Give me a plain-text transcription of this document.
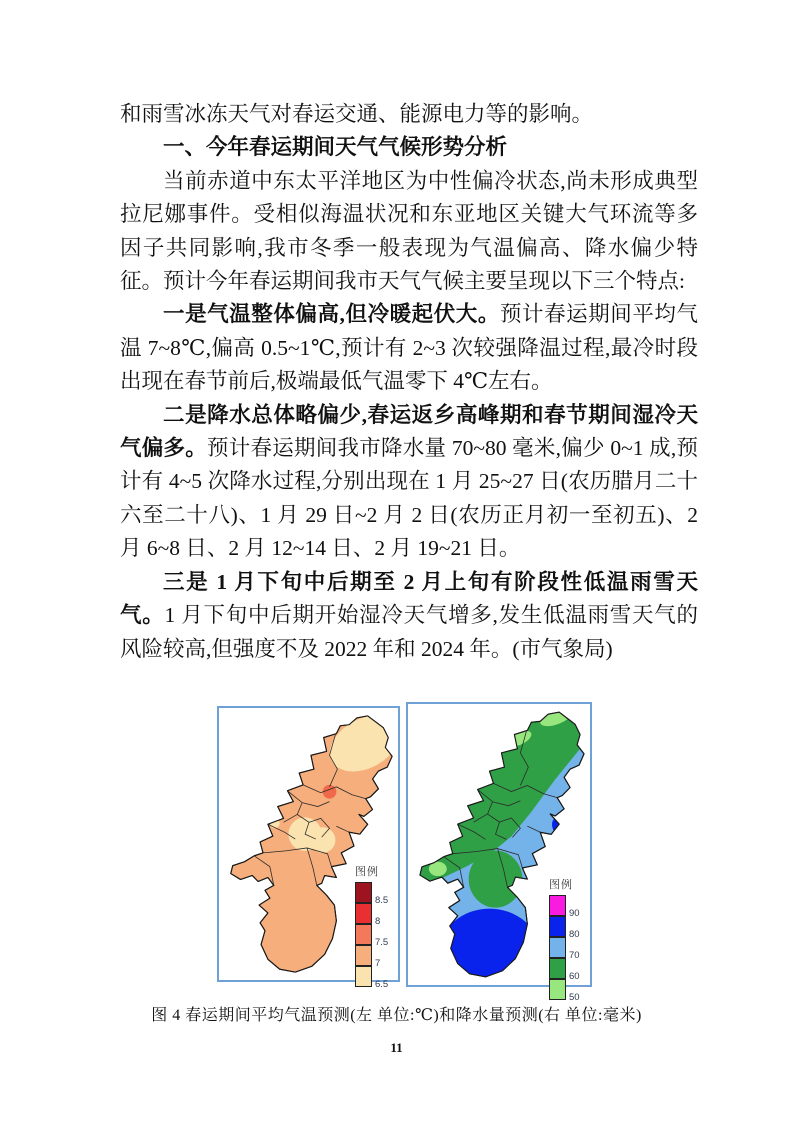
和雨雪冰冻天气对春运交通、能源电力等的影响。

一、今年春运期间天气气候形势分析

当前赤道中东太平洋地区为中性偏冷状态,尚未形成典型拉尼娜事件。受相似海温状况和东亚地区关键大气环流等多因子共同影响,我市冬季一般表现为气温偏高、降水偏少特征。预计今年春运期间我市天气气候主要呈现以下三个特点:

一是气温整体偏高,但冷暖起伏大。预计春运期间平均气温 7~8℃,偏高 0.5~1℃,预计有 2~3 次较强降温过程,最冷时段出现在春节前后,极端最低气温零下 4℃左右。

二是降水总体略偏少,春运返乡高峰期和春节期间湿冷天气偏多。预计春运期间我市降水量 70~80 毫米,偏少 0~1 成,预计有 4~5 次降水过程,分别出现在 1 月 25~27 日(农历腊月二十六至二十八)、1 月 29 日~2 月 2 日(农历正月初一至初五)、2 月 6~8 日、2 月 12~14 日、2 月 19~21 日。

三是 1 月下旬中后期至 2 月上旬有阶段性低温雨雪天气。1 月下旬中后期开始湿冷天气增多,发生低温雨雪天气的风险较高,但强度不及 2022 年和 2024 年。(市气象局)

图例
8.5
8
7.5
7
6.5
图例
90
80
70
60
50
图 4 春运期间平均气温预测(左 单位:℃)和降水量预测(右 单位:毫米)
11
